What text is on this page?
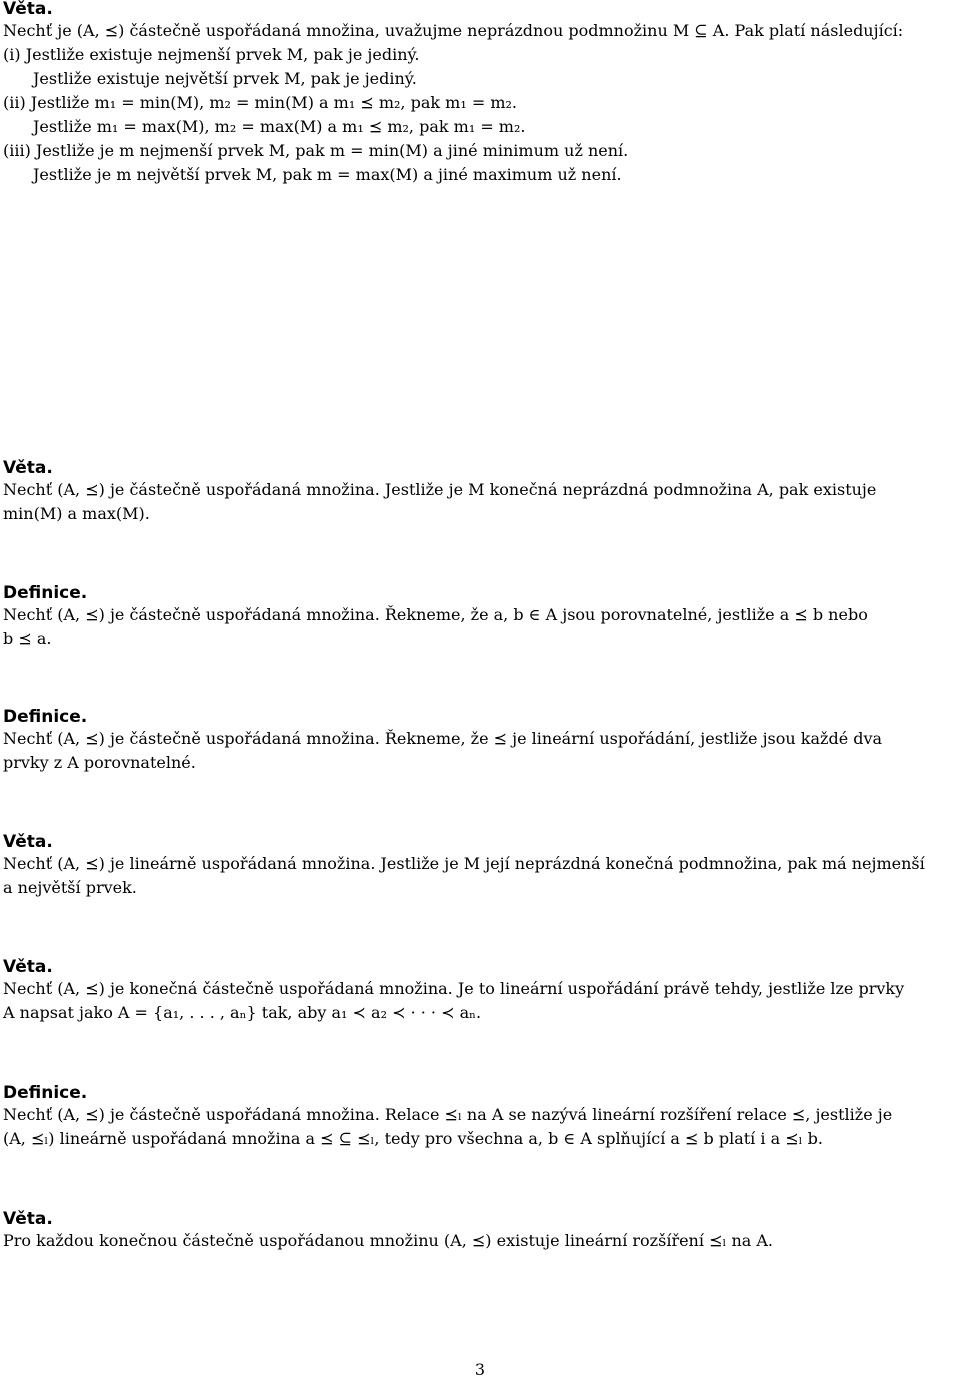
Věta.
Nechť je (A, ⪯) částečně uspořádaná množina, uvažujme neprázdnou podmnožinu M ⊆ A. Pak platí následující:
(i) Jestliže existuje nejmenší prvek M, pak je jediný.
Jestliže existuje největší prvek M, pak je jediný.
(ii) Jestliže m₁ = min(M), m₂ = min(M) a m₁ ⪯ m₂, pak m₁ = m₂.
Jestliže m₁ = max(M), m₂ = max(M) a m₁ ⪯ m₂, pak m₁ = m₂.
(iii) Jestliže je m nejmenší prvek M, pak m = min(M) a jiné minimum už není.
Jestliže je m největší prvek M, pak m = max(M) a jiné maximum už není.
Věta.
Nechť (A, ⪯) je částečně uspořádaná množina. Jestliže je M konečná neprázdná podmnožina A, pak existuje
min(M) a max(M).
Definice.
Nechť (A, ⪯) je částečně uspořádaná množina. Řekneme, že a, b ∈ A jsou porovnatelné, jestliže a ⪯ b nebo
b ⪯ a.
Definice.
Nechť (A, ⪯) je částečně uspořádaná množina. Řekneme, že ⪯ je lineární uspořádání, jestliže jsou každé dva
prvky z A porovnatelné.
Věta.
Nechť (A, ⪯) je lineárně uspořádaná množina. Jestliže je M její neprázdná konečná podmnožina, pak má nejmenší
a největší prvek.
Věta.
Nechť (A, ⪯) je konečná částečně uspořádaná množina. Je to lineární uspořádání právě tehdy, jestliže lze prvky
A napsat jako A = {a₁, . . . , aₙ} tak, aby a₁ ≺ a₂ ≺ · · · ≺ aₙ.
Definice.
Nechť (A, ⪯) je částečně uspořádaná množina. Relace ⪯ₗ na A se nazývá lineární rozšíření relace ⪯, jestliže je
(A, ⪯ₗ) lineárně uspořádaná množina a ⪯ ⊆ ⪯ₗ, tedy pro všechna a, b ∈ A splňující a ⪯ b platí i a ⪯ₗ b.
Věta.
Pro každou konečnou částečně uspořádanou množinu (A, ⪯) existuje lineární rozšíření ⪯ₗ na A.
3
